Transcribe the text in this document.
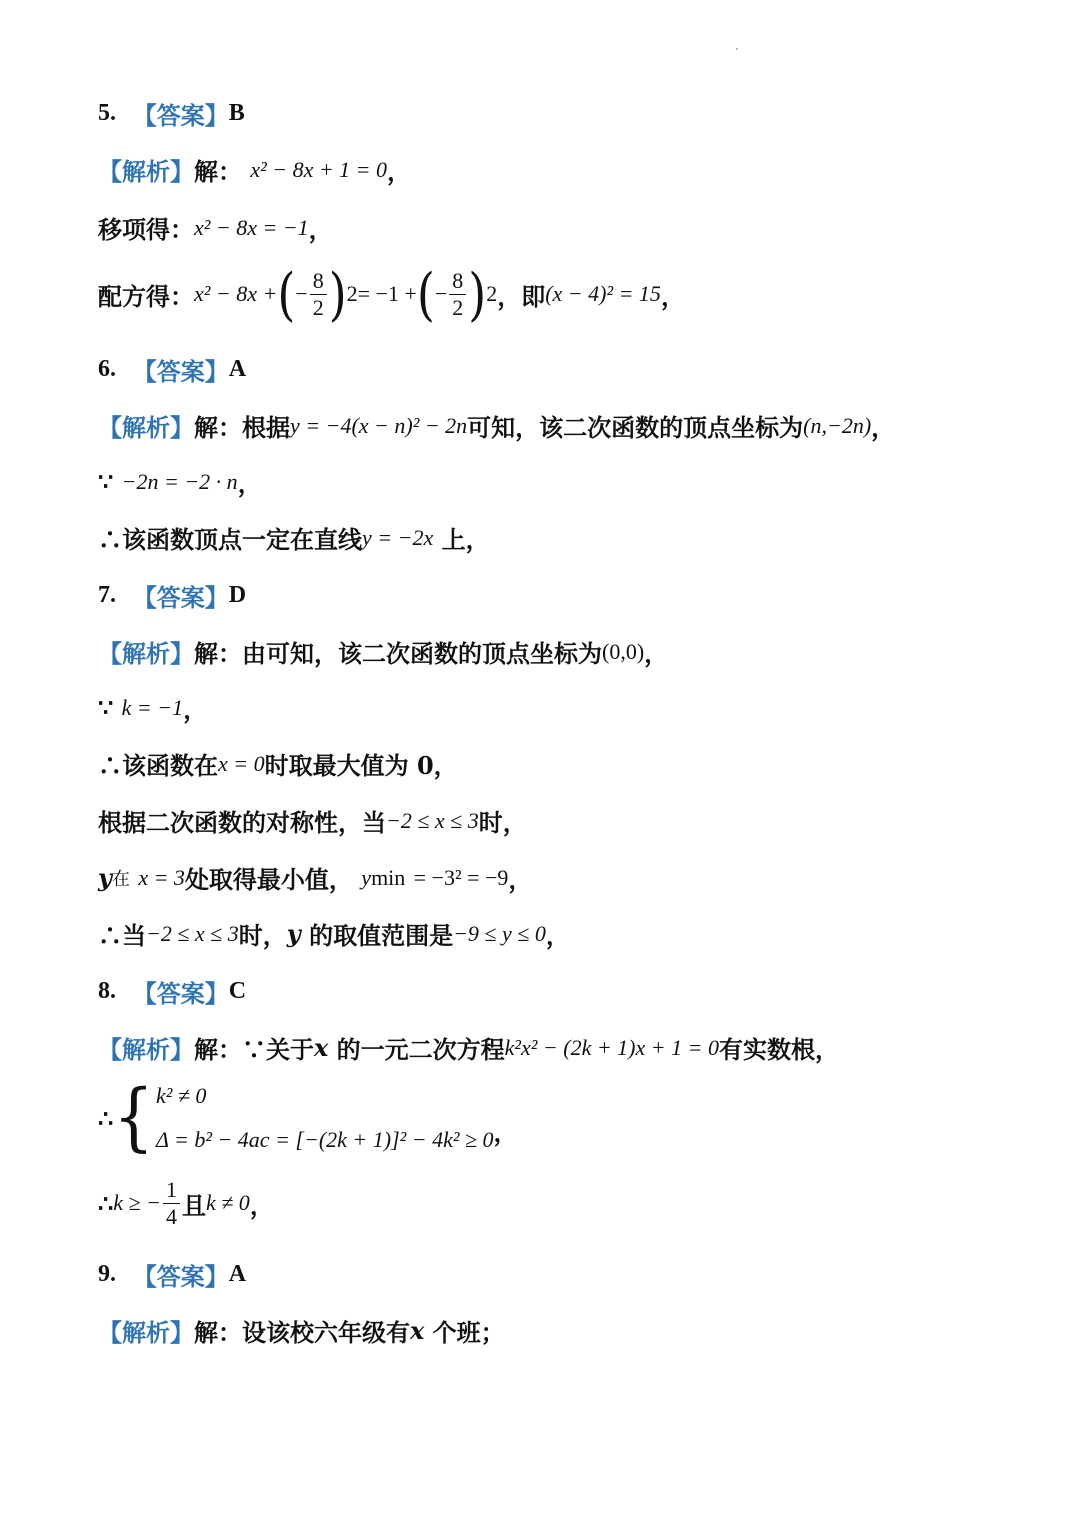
5.
【答案】 B
【解析】 解：
x² − 8x + 1 = 0 ，
移项得： x² − 8x = −1 ，
配方得： x² − 8x + ( − $\frac{8}{2}$ ) 2 = −1 + ( − $\frac{8}{2}$ ) 2 ，即 (x − 4)² = 15 ，
6.
【答案】 A
【解析】 解：根据 y = −4(x − n)² − 2n 可知，该二次函数的顶点坐标为 (n,−2n) ，
∵
−2n = −2 · n ，
∴该函数顶点一定在直线 y = −2x
上，
7.
【答案】 D
【解析】 解：由可知，该二次函数的顶点坐标为 (0,0) ，
∵
k = −1 ，
∴该函数在 x = 0 时取最大值为 0，
根据二次函数的对称性，当 −2 ≤ x ≤ 3 时，
y 在
x = 3 处取得最小值，
y min
= −3² = −9 ，
∴当 −2 ≤ x ≤ 3 时， y
的取值范围是 −9 ≤ y ≤ 0 ，
8.
【答案】 C
【解析】 解：∵关于 x
的一元二次方程 k²x² − (2k + 1)x + 1 = 0 有实数根，
∴ { k² ≠ 0
Δ = b² − 4ac = [−(2k + 1)]² − 4k² ≥ 0 ，
∴ k ≥ − $\frac{1}{4}$ 且 k ≠ 0 ，
9.
【答案】 A
【解析】 解：设该校六年级有 x
个班；
